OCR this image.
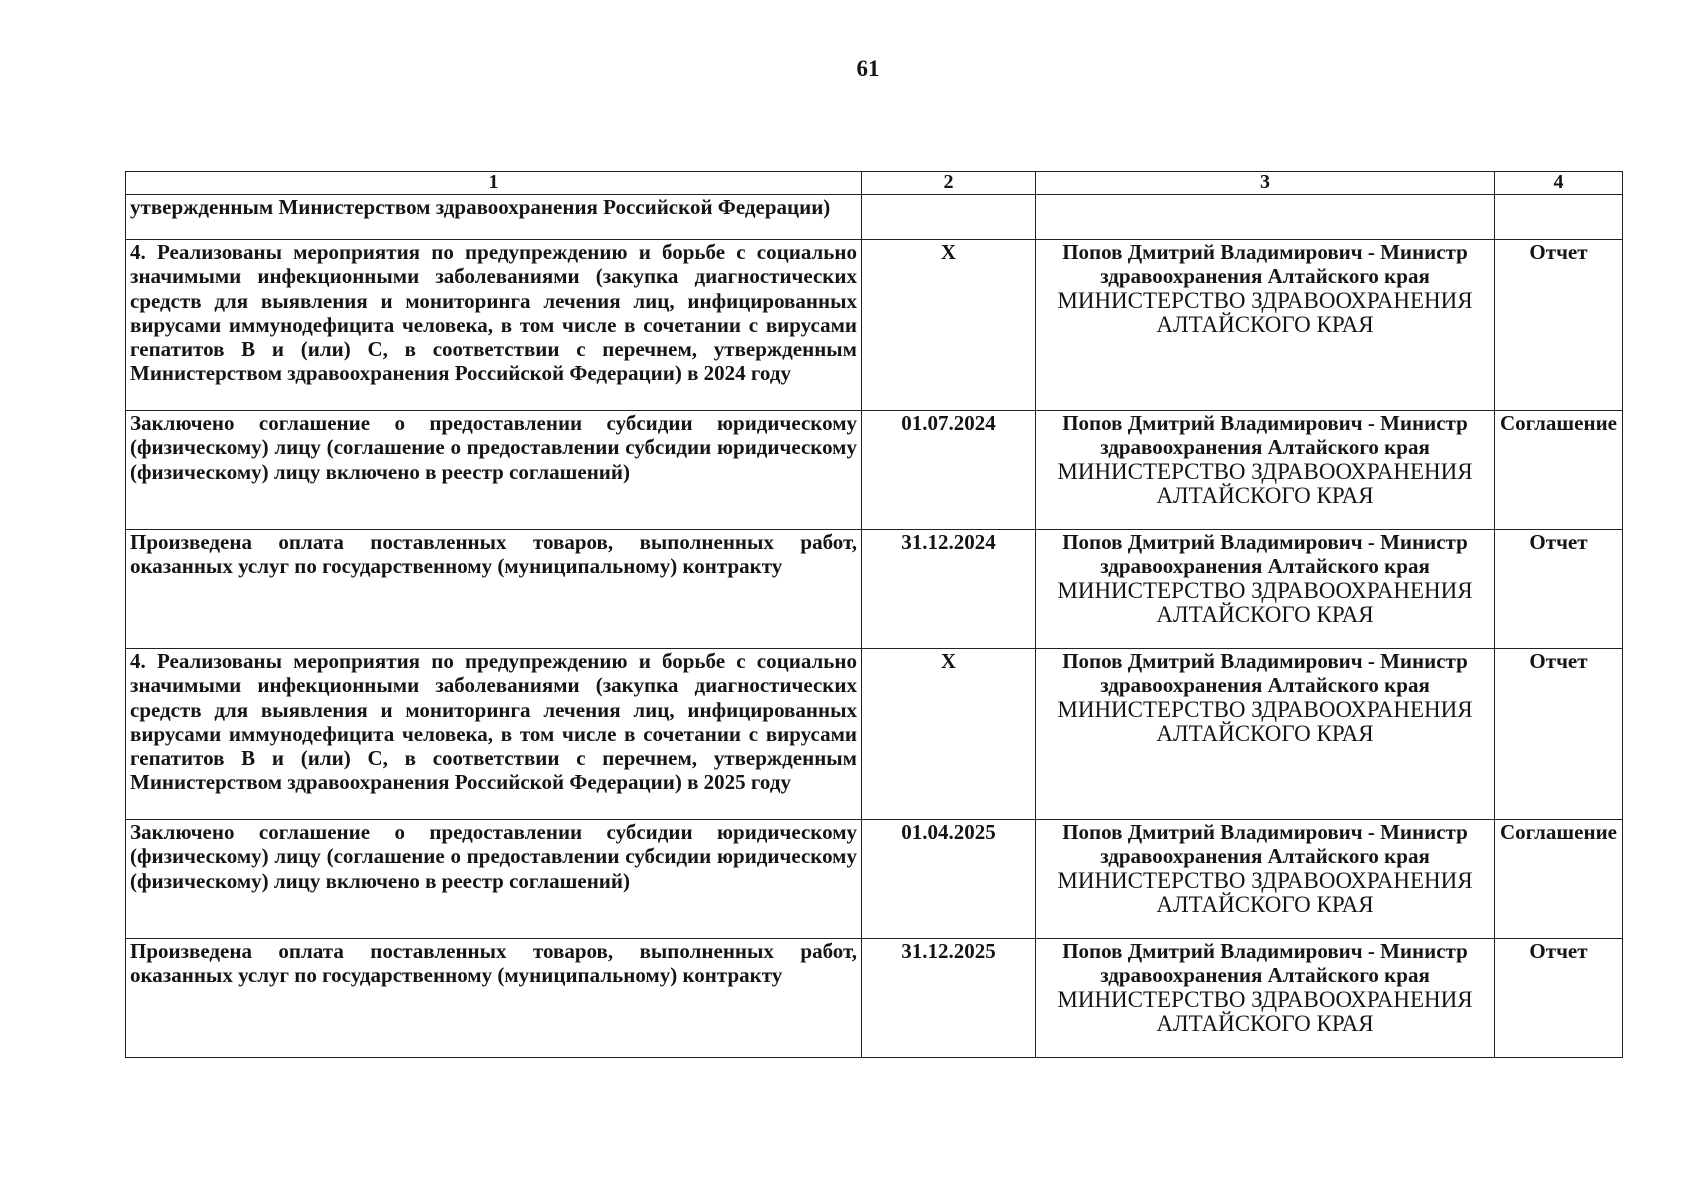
61
1	2	3	4
утвержденным Министерством здравоохранения Российской Федерации)		

4. Реализованы мероприятия по предупреждению и борьбе с социально значимыми инфекционными заболеваниями (закупка диагностических средств для выявления и мониторинга лечения лиц, инфицированных вирусами иммунодефицита человека, в том числе в сочетании с вирусами гепатитов В и (или) С, в соответствии с перечнем, утвержденным Министерством здравоохранения Российской Федерации) в 2024 году	X	Попов Дмитрий Владимирович - Министр здравоохранения Алтайского края
МИНИСТЕРСТВО ЗДРАВООХРАНЕНИЯ АЛТАЙСКОГО КРАЯ	Отчет
Заключено соглашение о предоставлении субсидии юридическому (физическому) лицу (соглашение о предоставлении субсидии юридическому (физическому) лицу включено в реестр соглашений)	01.07.2024	Попов Дмитрий Владимирович - Министр здравоохранения Алтайского края
МИНИСТЕРСТВО ЗДРАВООХРАНЕНИЯ АЛТАЙСКОГО КРАЯ	Соглашение
Произведена оплата поставленных товаров, выполненных работ, оказанных услуг по государственному (муниципальному) контракту	31.12.2024	Попов Дмитрий Владимирович - Министр здравоохранения Алтайского края
МИНИСТЕРСТВО ЗДРАВООХРАНЕНИЯ АЛТАЙСКОГО КРАЯ	Отчет
4. Реализованы мероприятия по предупреждению и борьбе с социально значимыми инфекционными заболеваниями (закупка диагностических средств для выявления и мониторинга лечения лиц, инфицированных вирусами иммунодефицита человека, в том числе в сочетании с вирусами гепатитов В и (или) С, в соответствии с перечнем, утвержденным Министерством здравоохранения Российской Федерации) в 2025 году	X	Попов Дмитрий Владимирович - Министр здравоохранения Алтайского края
МИНИСТЕРСТВО ЗДРАВООХРАНЕНИЯ АЛТАЙСКОГО КРАЯ	Отчет
Заключено соглашение о предоставлении субсидии юридическому (физическому) лицу (соглашение о предоставлении субсидии юридическому (физическому) лицу включено в реестр соглашений)	01.04.2025	Попов Дмитрий Владимирович - Министр здравоохранения Алтайского края
МИНИСТЕРСТВО ЗДРАВООХРАНЕНИЯ АЛТАЙСКОГО КРАЯ	Соглашение
Произведена оплата поставленных товаров, выполненных работ, оказанных услуг по государственному (муниципальному) контракту	31.12.2025	Попов Дмитрий Владимирович - Министр здравоохранения Алтайского края
МИНИСТЕРСТВО ЗДРАВООХРАНЕНИЯ АЛТАЙСКОГО КРАЯ	Отчет
